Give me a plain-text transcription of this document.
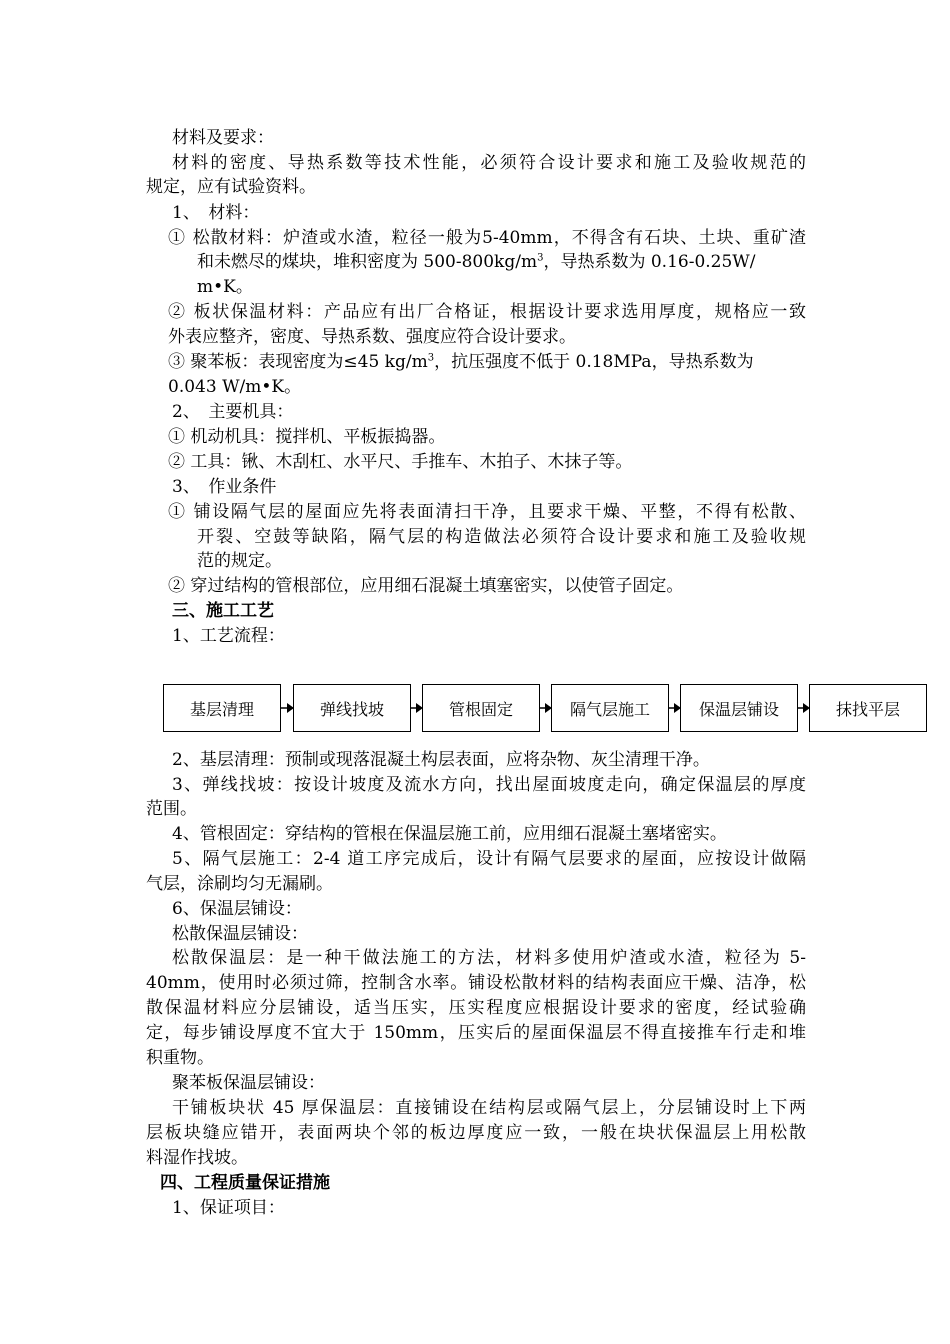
材料及要求：
材料的密度、导热系数等技术性能，必须符合设计要求和施工及验收规范的
规定，应有试验资料。
1、　材料：
① 松散材料：炉渣或水渣，粒径一般为5-40mm，不得含有石块、土块、重矿渣
和未燃尽的煤块，堆积密度为 $500-800kg/m^3$，导热系数为 0.16-0.25W/
m•K。
② 板状保温材料：产品应有出厂合格证，根据设计要求选用厚度，规格应一致
外表应整齐，密度、导热系数、强度应符合设计要求。
③ 聚苯板：表现密度为≤45 $kg/m^3$，抗压强度不低于 0.18MPa，导热系数为
0.043 W/m•K。
2、　主要机具：
① 机动机具：搅拌机、平板振捣器。
② 工具：锹、木刮杠、水平尺、手推车、木拍子、木抹子等。
3、　作业条件
① 铺设隔气层的屋面应先将表面清扫干净，且要求干燥、平整，不得有松散、
开裂、空鼓等缺陷，隔气层的构造做法必须符合设计要求和施工及验收规
范的规定。
② 穿过结构的管根部位，应用细石混凝土填塞密实，以使管子固定。
三、施工工艺
1、工艺流程：
基层清理	弹线找坡	管根固定	隔气层施工	保温层铺设	抹找平层
2、基层清理：预制或现落混凝土构层表面，应将杂物、灰尘清理干净。
3、弹线找坡：按设计坡度及流水方向，找出屋面坡度走向，确定保温层的厚度
范围。
4、管根固定：穿结构的管根在保温层施工前，应用细石混凝土塞堵密实。
5、隔气层施工：2-4 道工序完成后，设计有隔气层要求的屋面，应按设计做隔
气层，涂刷均匀无漏刷。
6、保温层铺设：
松散保温层铺设：
松散保温层：是一种干做法施工的方法，材料多使用炉渣或水渣，粒径为 5-
40mm，使用时必须过筛，控制含水率。铺设松散材料的结构表面应干燥、洁净，松
散保温材料应分层铺设，适当压实，压实程度应根据设计要求的密度，经试验确
定，每步铺设厚度不宜大于 150mm，压实后的屋面保温层不得直接推车行走和堆
积重物。
聚苯板保温层铺设：
干铺板块状 45 厚保温层：直接铺设在结构层或隔气层上，分层铺设时上下两
层板块缝应错开，表面两块个邻的板边厚度应一致，一般在块状保温层上用松散
料湿作找坡。
四、工程质量保证措施
1、保证项目：
